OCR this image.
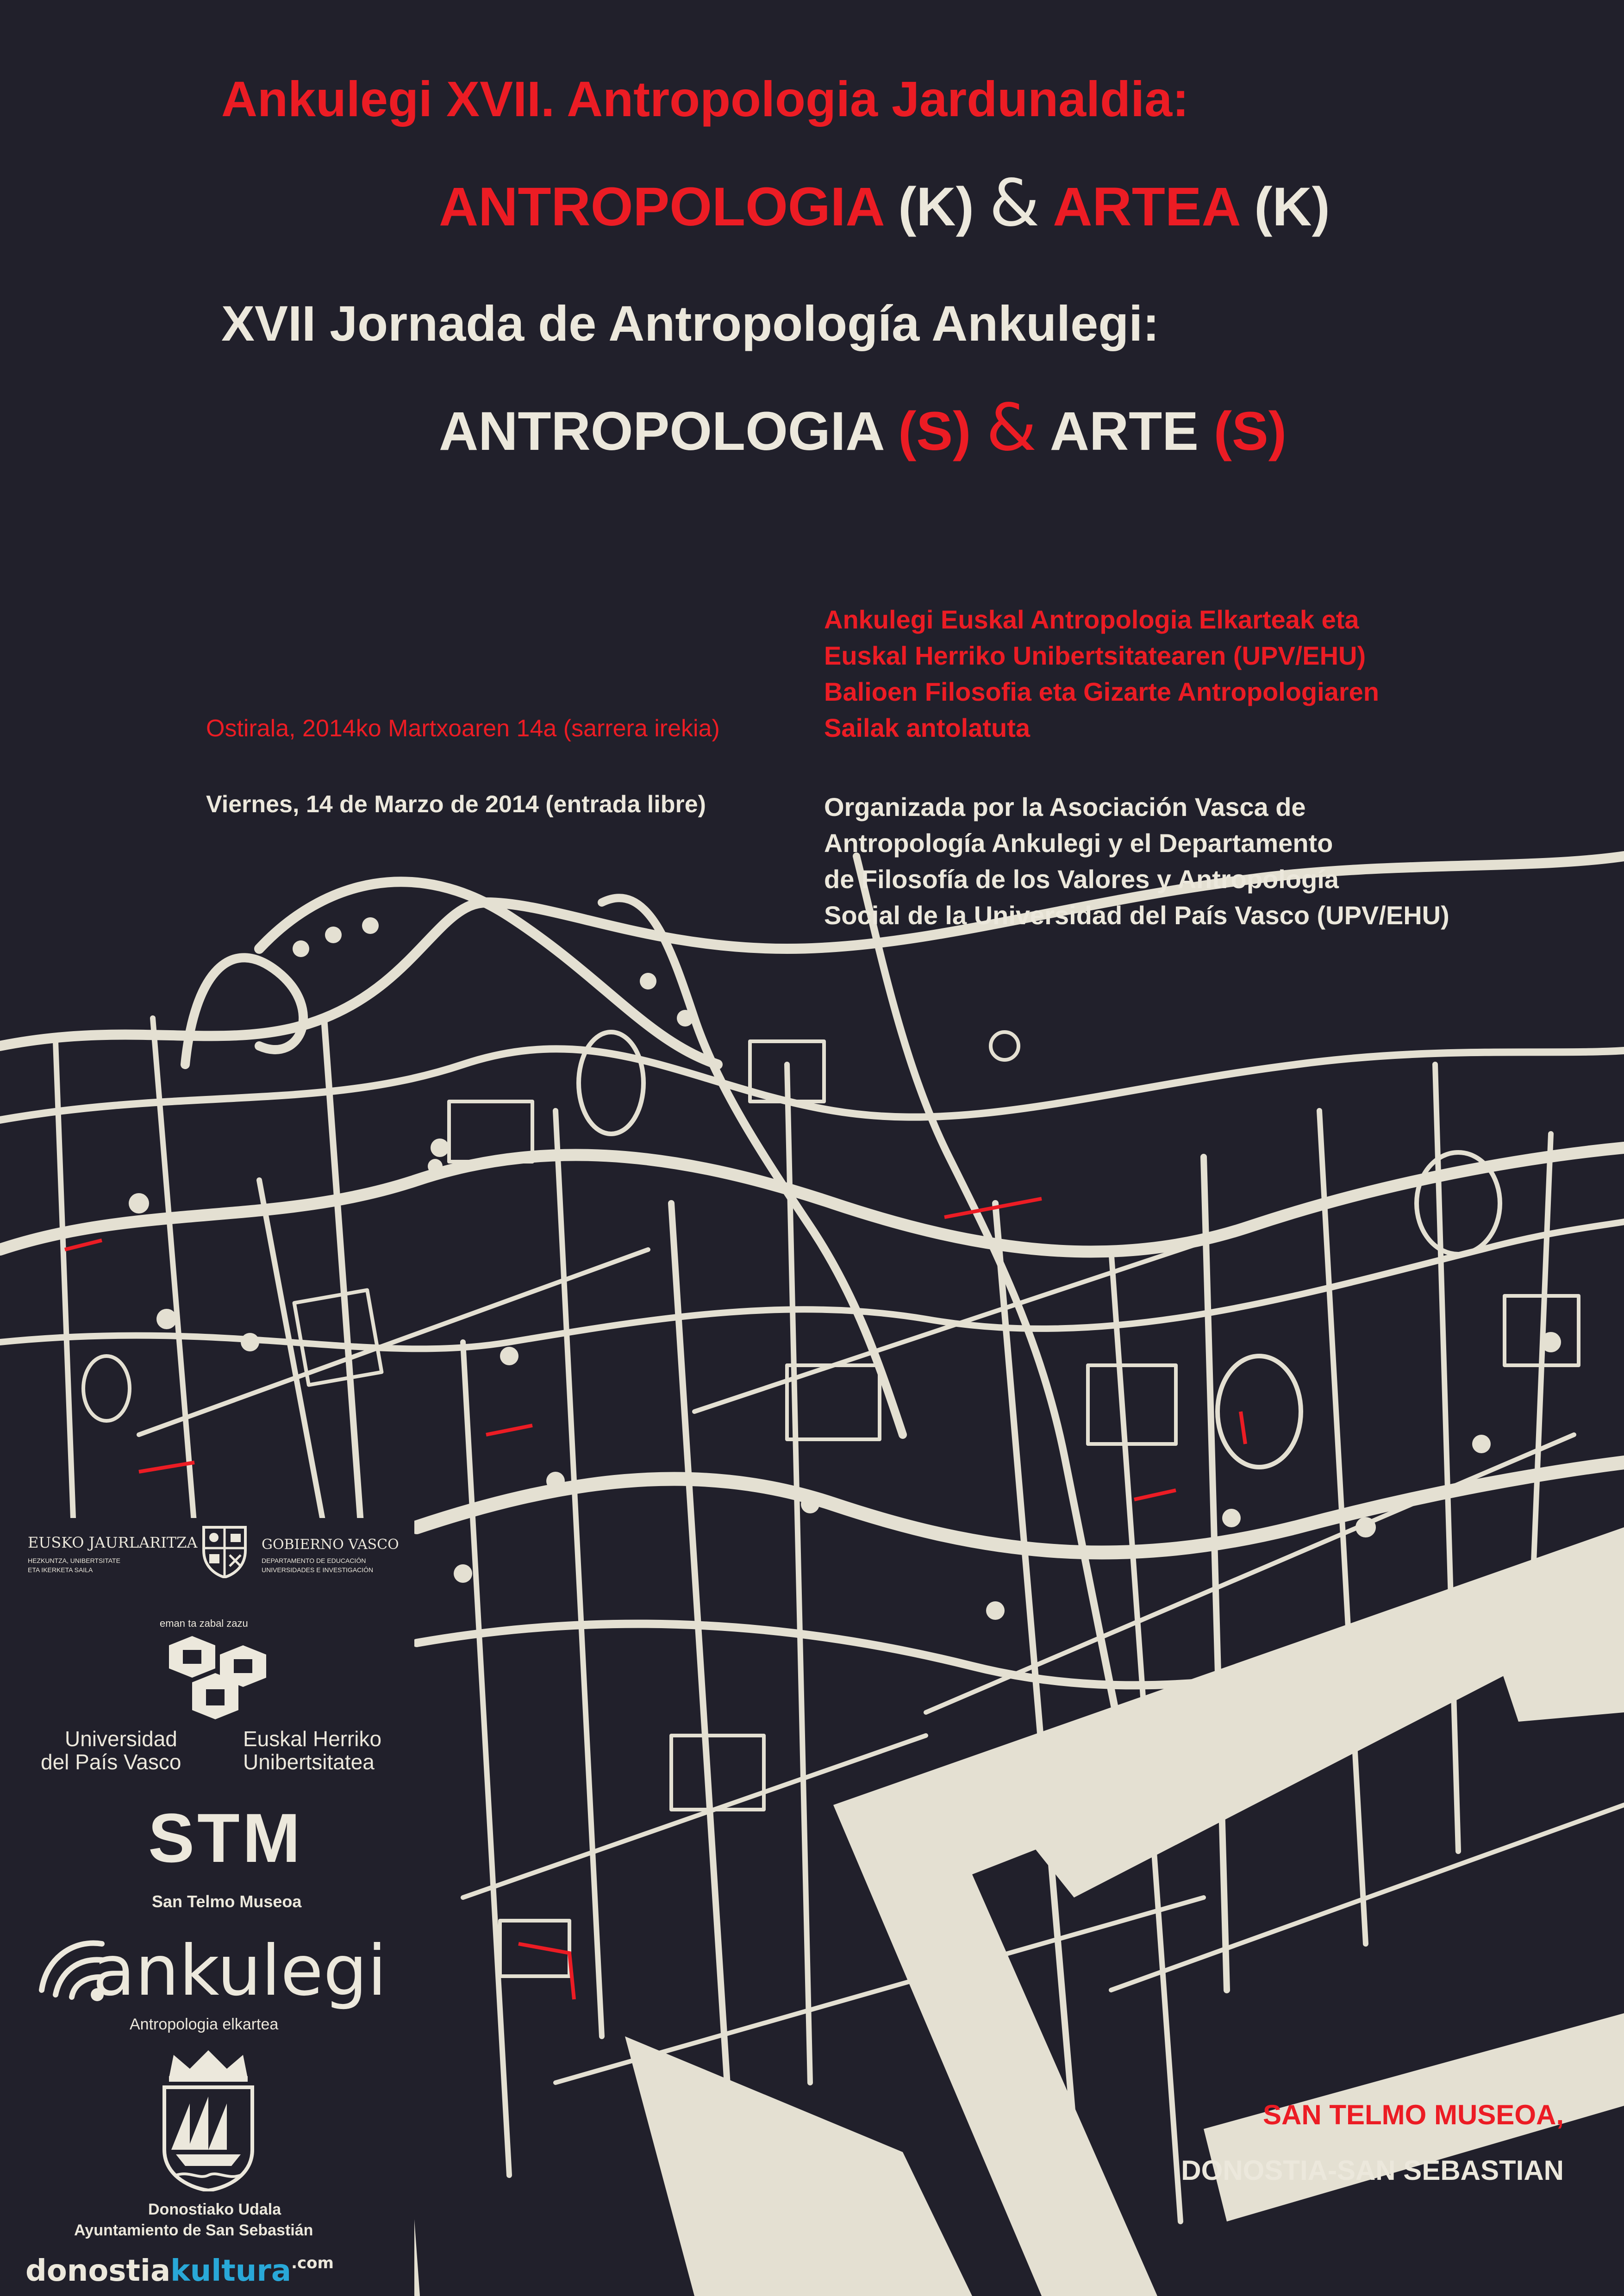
Ankulegi XVII. Antropologia Jardunaldia:
ANTROPOLOGIA (K) & ARTEA (K)
XVII Jornada de Antropología Ankulegi:
ANTROPOLOGIA (S) & ARTE (S)
Ostirala, 2014ko Martxoaren 14a (sarrera irekia)
Viernes, 14 de Marzo de 2014 (entrada libre)
Ankulegi Euskal Antropologia Elkarteak eta
Euskal Herriko Unibertsitatearen (UPV/EHU)
Balioen Filosofia eta Gizarte Antropologiaren
Sailak antolatuta
Organizada por la Asociación Vasca de
Antropología Ankulegi y el Departamento
de Filosofía de los Valores y Antropología
Social de la Universidad del País Vasco (UPV/EHU)
SAN TELMO MUSEOA,
DONOSTIA-SAN SEBASTIAN
EUSKO JAURLARITZA
HEZKUNTZA, UNIBERTSITATE
ETA IKERKETA SAILA
GOBIERNO VASCO
DEPARTAMENTO DE EDUCACIÓN
UNIVERSIDADES E INVESTIGACIÓN
eman ta zabal zazu
Universidad
del País Vasco
Euskal Herriko
Unibertsitatea
STM
San Telmo Museoa
ankulegi
Antropologia elkartea
Donostiako Udala
Ayuntamiento de San Sebastián
donostiakultura$^{.com}$
